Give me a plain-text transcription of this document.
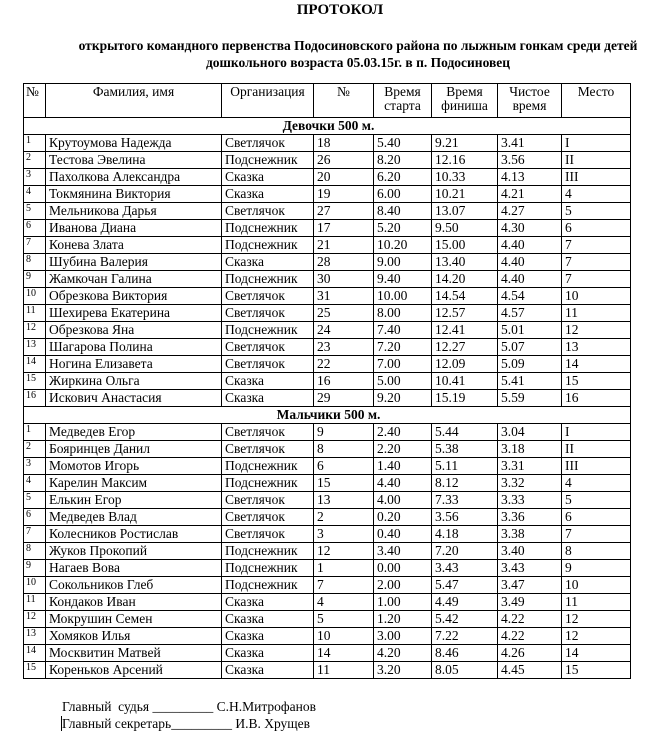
ПРОТОКОЛ
открытого командного первенства Подосиновского района по лыжным гонкам среди детей
дошкольного возраста 05.03.15г. в п. Подосиновец
№	Фамилия, имя	Организация	№	Время старта	Время финиша	Чистое время	Место
Девочки 500 м.							
1	Крутоумова Надежда	Светлячок	18	5.40	9.21	3.41	I
2	Тестова Эвелина	Подснежник	26	8.20	12.16	3.56	II
3	Пахолкова Александра	Сказка	20	6.20	10.33	4.13	III
4	Токмянина Виктория	Сказка	19	6.00	10.21	4.21	4
5	Мельникова Дарья	Светлячок	27	8.40	13.07	4.27	5
6	Иванова Диана	Подснежник	17	5.20	9.50	4.30	6
7	Конева Злата	Подснежник	21	10.20	15.00	4.40	7
8	Шубина Валерия	Сказка	28	9.00	13.40	4.40	7
9	Жамкочан Галина	Подснежник	30	9.40	14.20	4.40	7
10	Обрезкова Виктория	Светлячок	31	10.00	14.54	4.54	10
11	Шехирева Екатерина	Светлячок	25	8.00	12.57	4.57	11
12	Обрезкова Яна	Подснежник	24	7.40	12.41	5.01	12
13	Шагарова Полина	Светлячок	23	7.20	12.27	5.07	13
14	Ногина Елизавета	Светлячок	22	7.00	12.09	5.09	14
15	Жиркина Ольга	Сказка	16	5.00	10.41	5.41	15
16	Искович Анастасия	Сказка	29	9.20	15.19	5.59	16
Мальчики 500 м.							
1	Медведев Егор	Светлячок	9	2.40	5.44	3.04	I
2	Бояринцев Данил	Светлячок	8	2.20	5.38	3.18	II
3	Момотов Игорь	Подснежник	6	1.40	5.11	3.31	III
4	Карелин Максим	Подснежник	15	4.40	8.12	3.32	4
5	Елькин Егор	Светлячок	13	4.00	7.33	3.33	5
6	Медведев Влад	Светлячок	2	0.20	3.56	3.36	6
7	Колесников Ростислав	Светлячок	3	0.40	4.18	3.38	7
8	Жуков Прокопий	Подснежник	12	3.40	7.20	3.40	8
9	Нагаев Вова	Подснежник	1	0.00	3.43	3.43	9
10	Сокольников Глеб	Подснежник	7	2.00	5.47	3.47	10
11	Кондаков Иван	Сказка	4	1.00	4.49	3.49	11
12	Мокрушин Семен	Сказка	5	1.20	5.42	4.22	12
13	Хомяков Илья	Сказка	10	3.00	7.22	4.22	12
14	Москвитин Матвей	Сказка	14	4.20	8.46	4.26	14
15	Кореньков Арсений	Сказка	11	3.20	8.05	4.45	15
Главный  судья _________ С.Н.Митрофанов
Главный секретарь_________ И.В. Хрущев
